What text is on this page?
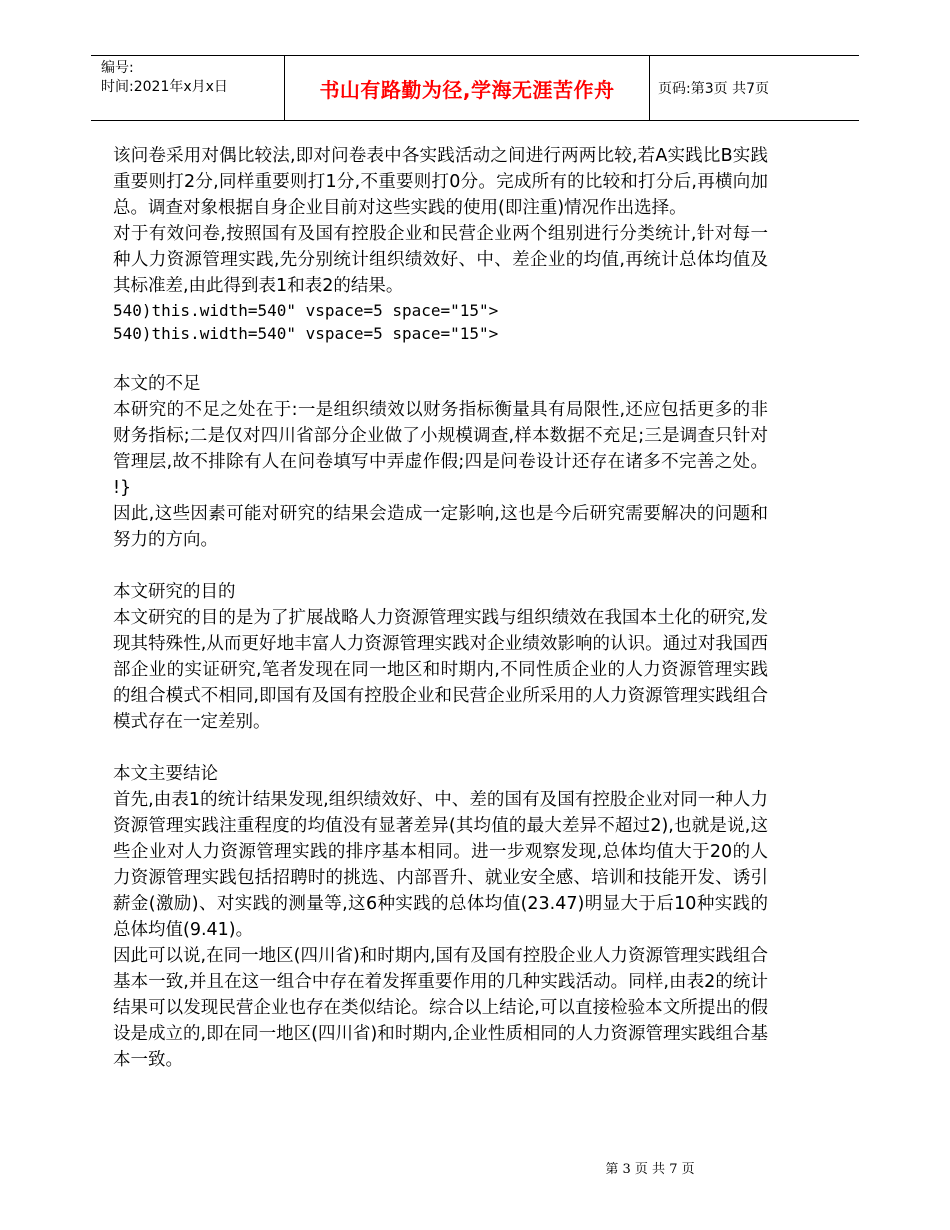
编号:
时间:2021年x月x日	书山有路勤为径,学海无涯苦作舟	页码:第3页 共7页

该问卷采用对偶比较法,即对问卷表中各实践活动之间进行两两比较,若A实践比B实践重要则打2分,同样重要则打1分,不重要则打0分。完成所有的比较和打分后,再横向加总。调查对象根据自身企业目前对这些实践的使用(即注重)情况作出选择。

对于有效问卷,按照国有及国有控股企业和民营企业两个组别进行分类统计,针对每一种人力资源管理实践,先分别统计组织绩效好、中、差企业的均值,再统计总体均值及其标准差,由此得到表1和表2的结果。

540)this.width=540" vspace=5 space="15">

540)this.width=540" vspace=5 space="15">

本文的不足

本研究的不足之处在于:一是组织绩效以财务指标衡量具有局限性,还应包括更多的非财务指标;二是仅对四川省部分企业做了小规模调查,样本数据不充足;三是调查只针对管理层,故不排除有人在问卷填写中弄虚作假;四是问卷设计还存在诸多不完善之处。   !}

因此,这些因素可能对研究的结果会造成一定影响,这也是今后研究需要解决的问题和努力的方向。

本文研究的目的

本文研究的目的是为了扩展战略人力资源管理实践与组织绩效在我国本土化的研究,发现其特殊性,从而更好地丰富人力资源管理实践对企业绩效影响的认识。通过对我国西部企业的实证研究,笔者发现在同一地区和时期内,不同性质企业的人力资源管理实践的组合模式不相同,即国有及国有控股企业和民营企业所采用的人力资源管理实践组合模式存在一定差别。

本文主要结论

首先,由表1的统计结果发现,组织绩效好、中、差的国有及国有控股企业对同一种人力资源管理实践注重程度的均值没有显著差异(其均值的最大差异不超过2),也就是说,这些企业对人力资源管理实践的排序基本相同。进一步观察发现,总体均值大于20的人力资源管理实践包括招聘时的挑选、内部晋升、就业安全感、培训和技能开发、诱引薪金(激励)、对实践的测量等,这6种实践的总体均值(23.47)明显大于后10种实践的总体均值(9.41)。

因此可以说,在同一地区(四川省)和时期内,国有及国有控股企业人力资源管理实践组合基本一致,并且在这一组合中存在着发挥重要作用的几种实践活动。同样,由表2的统计结果可以发现民营企业也存在类似结论。综合以上结论,可以直接检验本文所提出的假设是成立的,即在同一地区(四川省)和时期内,企业性质相同的人力资源管理实践组合基本一致。

第 3 页 共 7 页
